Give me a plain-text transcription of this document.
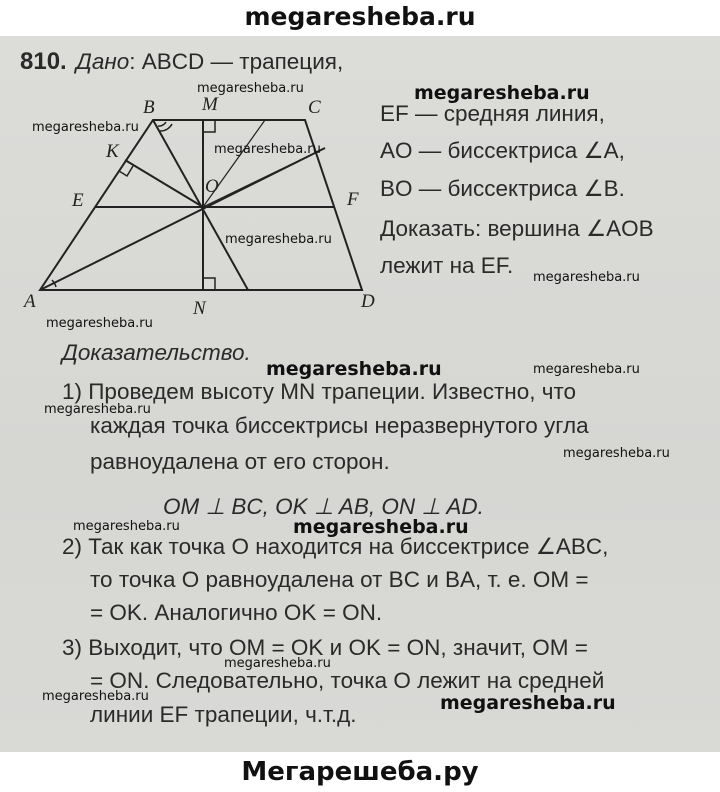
megaresheba.ru
810. Дано: ABCD — трапеция,
EF — средняя линия,
AO — биссектриса ∠A,
BO — биссектриса ∠B.
Доказать: вершина ∠AOB
лежит на EF.
B M	C
K
O
E	F
A	N	D
Доказательство.
1) Проведем высоту MN трапеции. Известно, что
каждая точка биссектрисы неразвернутого угла
равноудалена от его сторон.
OM ⊥ BC, OK ⊥ AB, ON ⊥ AD.
2) Так как точка O находится на биссектрисе ∠ABC,
то точка O равноудалена от BC и BA, т. е. OM =
= OK. Аналогично OK = ON.
3) Выходит, что OM = OK и OK = ON, значит, OM =
= ON. Следовательно, точка O лежит на средней
линии EF трапеции, ч.т.д.
megaresheba.ru	megaresheba.ru
megaresheba.ru
megaresheba.ru
megaresheba.ru
megaresheba.ru
megaresheba.ru
megaresheba.ru	megaresheba.ru
megaresheba.ru
megaresheba.ru
megaresheba.ru	megaresheba.ru
megaresheba.ru
megaresheba.ru	megaresheba.ru
Мегарешеба.ру
